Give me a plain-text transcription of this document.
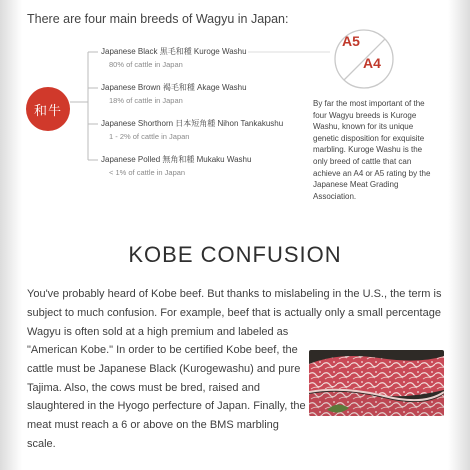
There are four main breeds of Wagyu in Japan:
和牛
Japanese Black 黒毛和種 Kuroge Washu
80% of cattle in Japan
Japanese Brown 褐毛和種 Akage Washu
18% of cattle in Japan
Japanese Shorthorn 日本短角種 Nihon Tankakushu
1 - 2% of cattle in Japan
Japanese Polled 無角和種 Mukaku Washu
< 1% of cattle in Japan
A5
A4
By far the most important of the four Wagyu breeds is Kuroge Washu, known for its unique genetic disposition for exquisite marbling. Kuroge Washu is the only breed of cattle that can achieve an A4 or A5 rating by the Japanese Meat Grading Association.
KOBE CONFUSION
You've probably heard of Kobe beef. But thanks to mislabeling in the U.S., the term is subject to much confusion. For example, beef that is actually only a small percentage Wagyu is often sold at a high premium and labeled as
"American Kobe." In order to be certified Kobe beef, the cattle must be Japanese Black (Kurogewashu) and pure Tajima. Also, the cows must be bred, raised and slaughtered in the Hyogo perfecture of Japan. Finally, the meat must reach a 6 or above on the BMS marbling scale.
